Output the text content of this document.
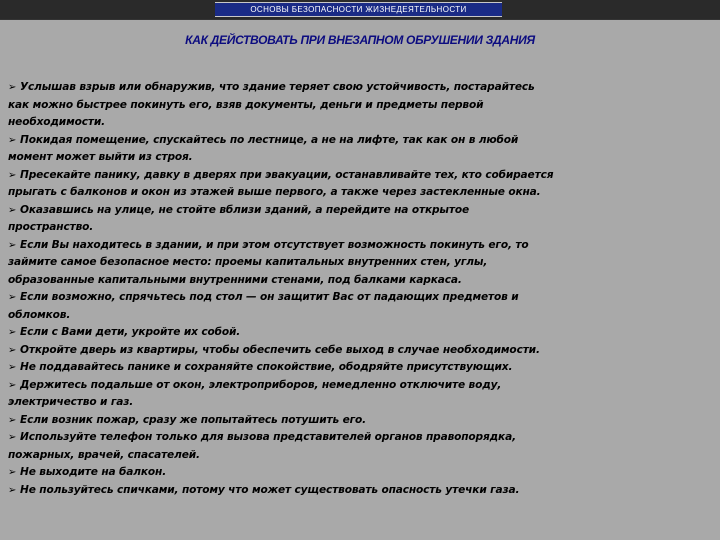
ОСНОВЫ БЕЗОПАСНОСТИ ЖИЗНЕДЕЯТЕЛЬНОСТИ
КАК ДЕЙСТВОВАТЬ ПРИ ВНЕЗАПНОМ ОБРУШЕНИИ ЗДАНИЯ
➢ Услышав взрыв или обнаружив, что здание теряет свою устойчивость, постарайтесь
как можно быстрее покинуть его, взяв документы, деньги и предметы первой
необходимости.
➢ Покидая помещение, спускайтесь по лестнице, а не на лифте, так как он в любой
момент может выйти из строя.
➢ Пресекайте панику, давку в дверях при эвакуации, останавливайте тех, кто собирается
прыгать с балконов и окон из этажей выше первого, а также через застекленные окна.
➢ Оказавшись на улице, не стойте вблизи зданий, а перейдите на открытое
пространство.
➢ Если Вы находитесь в здании, и при этом отсутствует возможность покинуть его, то
займите самое безопасное место: проемы капитальных внутренних стен, углы,
образованные капитальными внутренними стенами, под балками каркаса.
➢ Если возможно, спрячьтесь под стол — он защитит Вас от падающих предметов и
обломков.
➢ Если с Вами дети, укройте их собой.
➢ Откройте дверь из квартиры, чтобы обеспечить себе выход в случае необходимости.
➢ Не поддавайтесь панике и сохраняйте спокойствие, ободряйте присутствующих.
➢ Держитесь подальше от окон, электроприборов, немедленно отключите воду,
электричество и газ.
➢ Если возник пожар, сразу же попытайтесь потушить его.
➢ Используйте телефон только для вызова представителей органов правопорядка,
пожарных, врачей, спасателей.
➢ Не выходите на балкон.
➢ Не пользуйтесь спичками, потому что может существовать опасность утечки газа.
